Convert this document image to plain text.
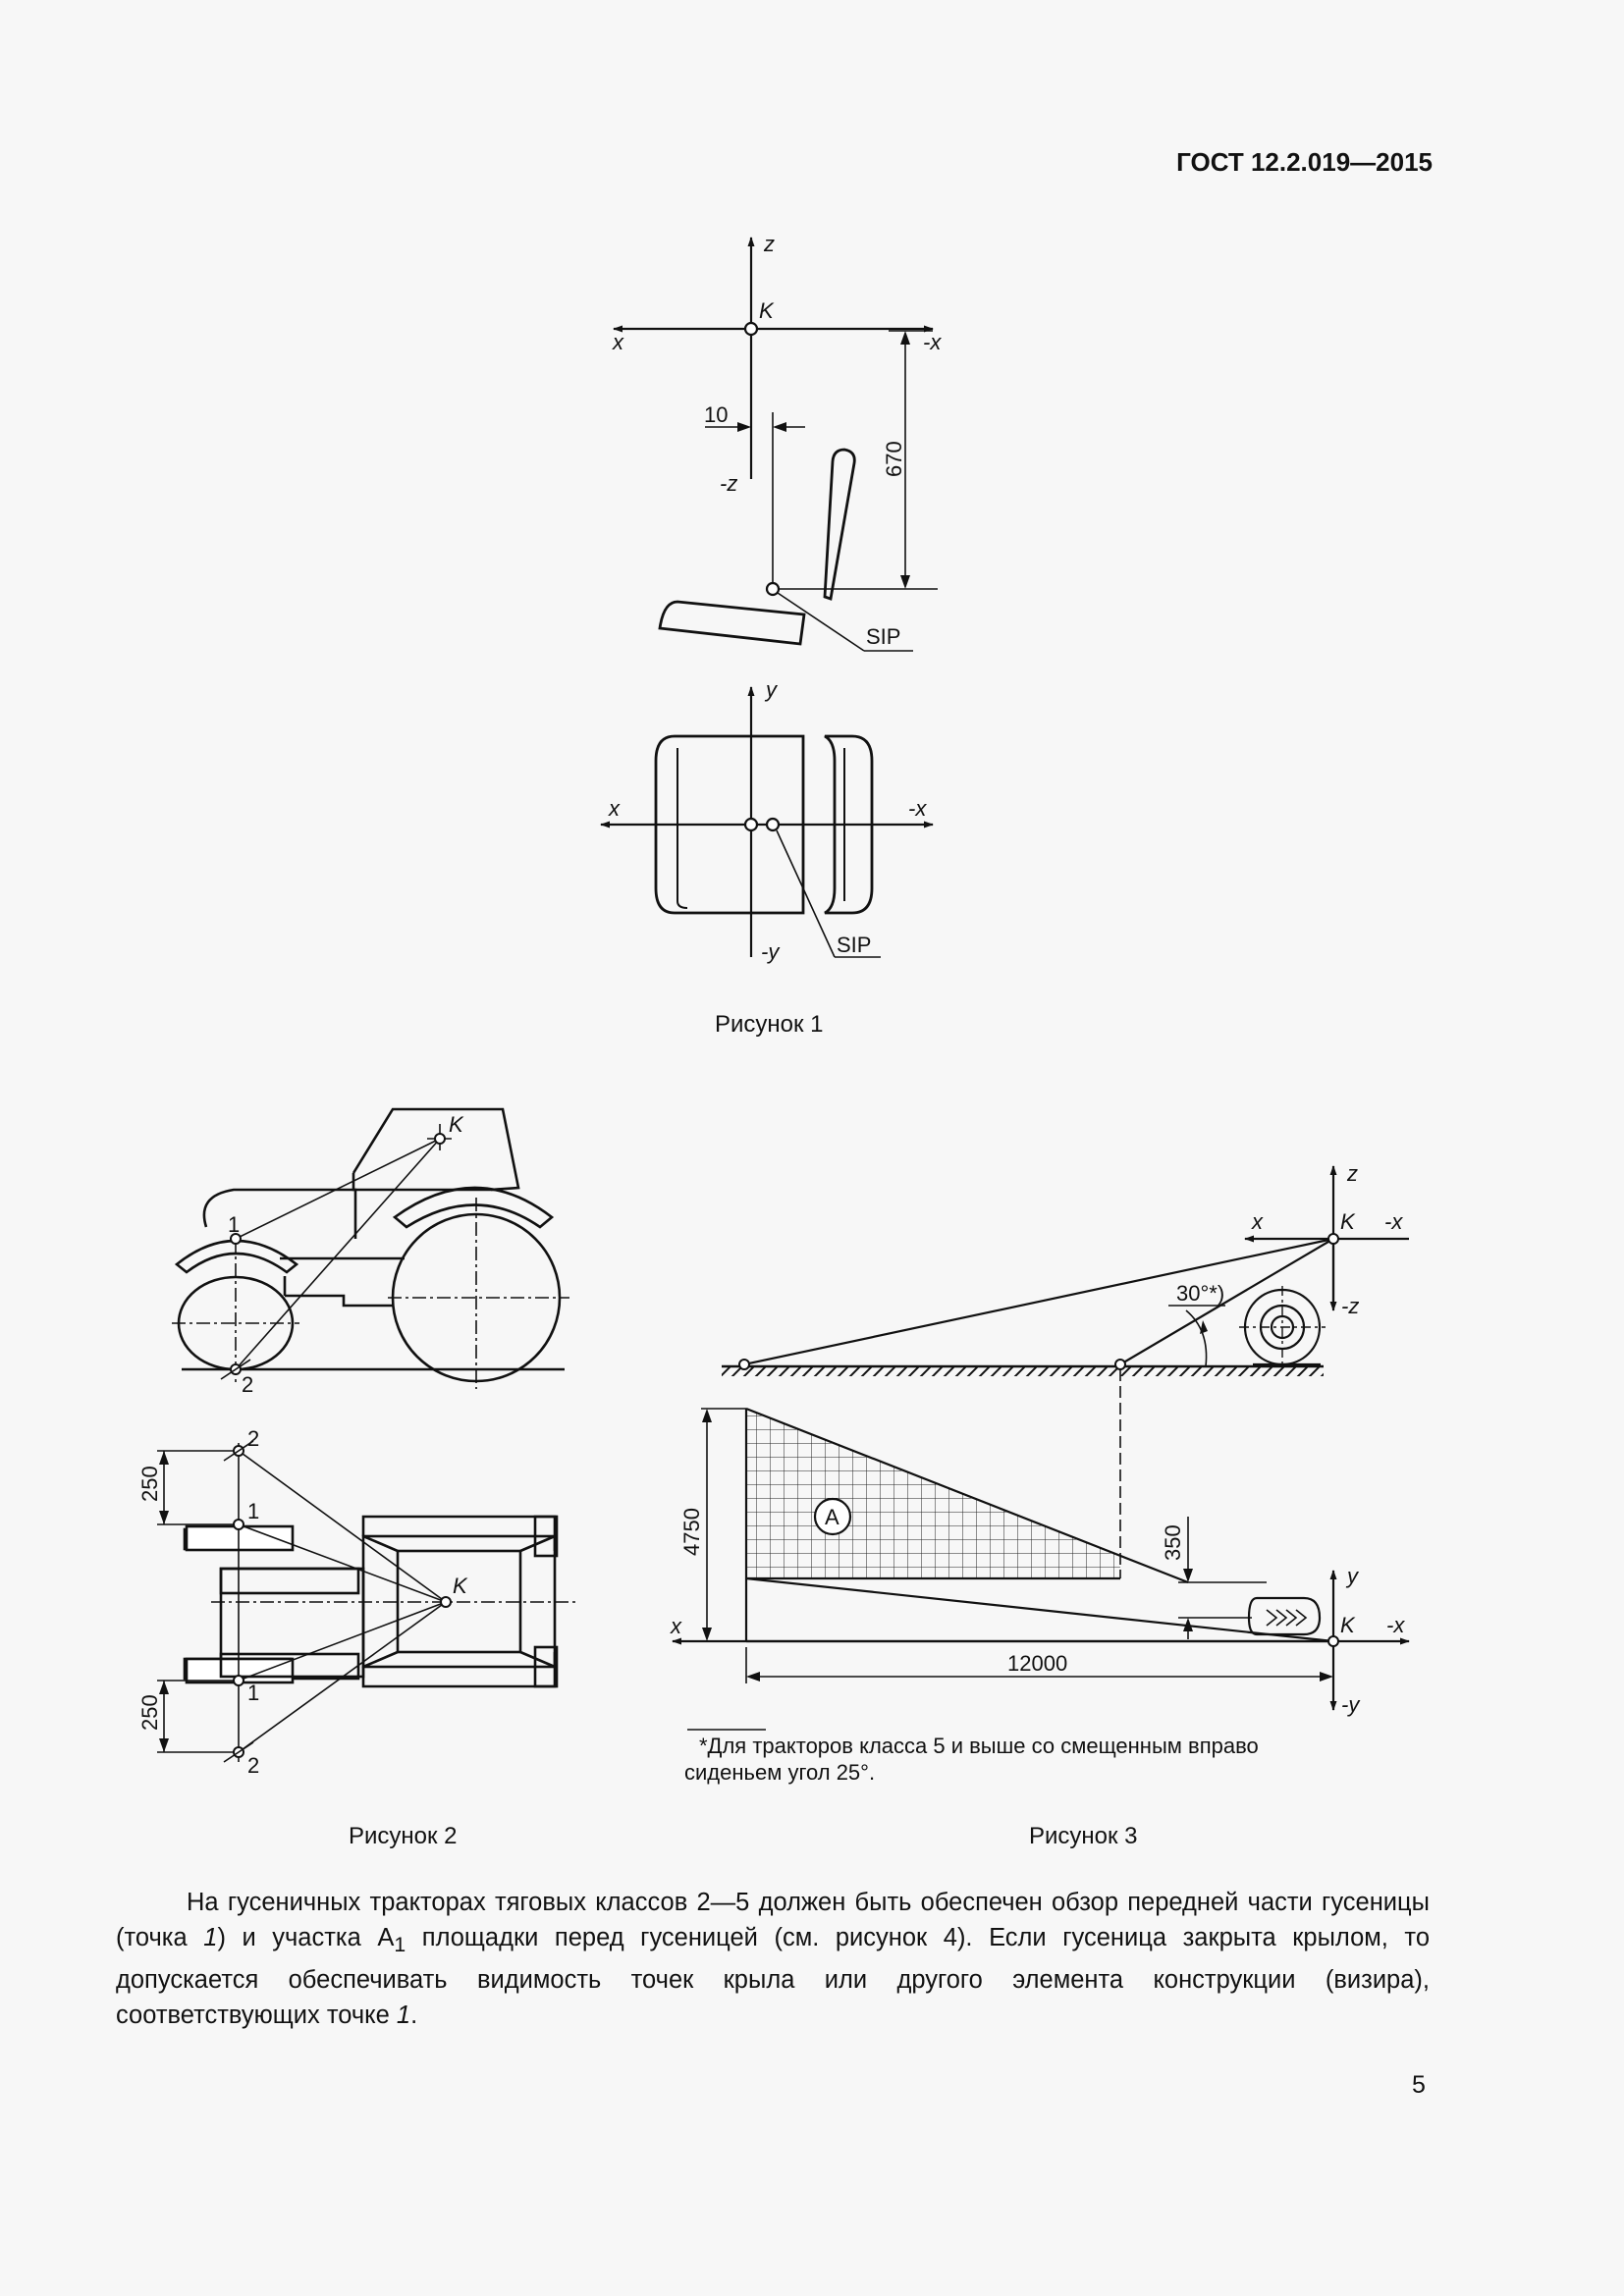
ГОСТ 12.2.019—2015
z
x	-x
K
10
-z
670
SIP
y
x	-x
-y	SIP
K
1
2
K
2
1
1
2
250
250
z
x	K -x
-z
30°*)
A
4750	350
12000
y
x	K -x
-y
*Для тракторов класса 5 и выше со смещенным вправо
сиденьем угол 25°.
Рисунок 1
Рисунок 2	Рисунок 3

На гусеничных тракторах тяговых классов 2—5 должен быть обеспечен обзор передней части гусеницы (точка 1) и участка $А_1$ площадки перед гусеницей (см. рисунок 4). Если гусеница закрыта крылом, то допускается обеспечивать видимость точек крыла или другого элемента конструкции (визира), соответствующих точке 1.

5
